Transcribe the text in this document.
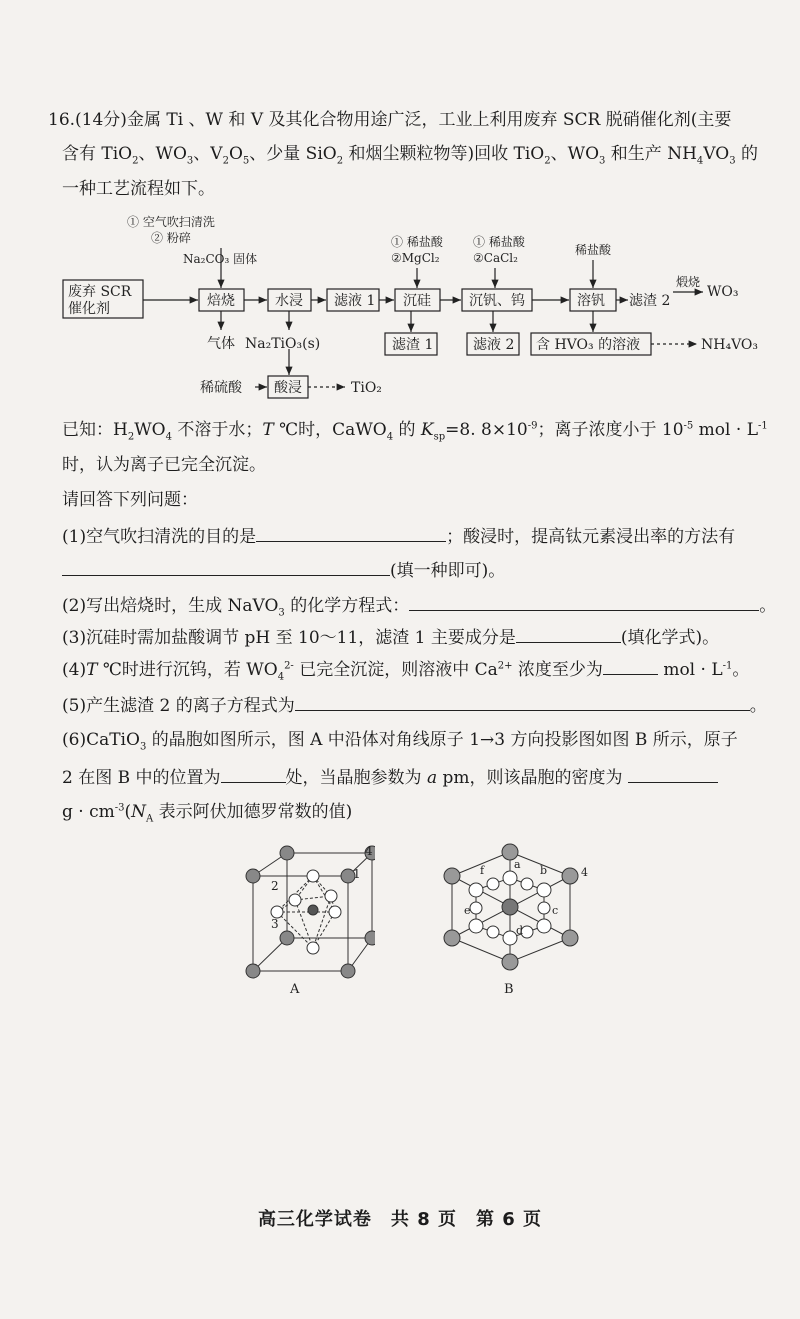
16.(14分)金属 Ti 、W 和 V 及其化合物用途广泛，工业上利用废弃 SCR 脱硝催化剂(主要
含有 TiO$_2$、$WO_3$、$V_2O_5$、少量 SiO$_2$ 和烟尘颗粒物等)回收 TiO$_2$、$WO_3$ 和生产 $NH_4VO_3$ 的
一种工艺流程如下。
① 空气吹扫清洗
② 粉碎
Na₂CO₃ 固体
① 稀盐酸
②MgCl₂
① 稀盐酸
②CaCl₂
稀盐酸
废弃 SCR
催化剂	焙烧	水浸 滤液 1 沉硅	沉钒、钨	溶钒 滤渣 2
煅烧
WO₃
气体 Na₂TiO₃(s)	滤渣 1	滤液 2 含 HVO₃ 的溶液	NH₄VO₃
稀硫酸 酸浸	TiO₂
已知：$H_2WO_4$ 不溶于水；T ℃时，CaWO$_4$ 的 $K_{sp}=8$. $8\times 10^{-9}$；离子浓度小于 $10^{-5}$ mol · $L^{-1}$
时，认为离子已完全沉淀。
请回答下列问题：
(1)空气吹扫清洗的目的是	；酸浸时，提高钛元素浸出率的方法有
(填一种即可)。
(2)写出焙烧时，生成 NaVO$_3$ 的化学方程式：	。
(3)沉硅时需加盐酸调节 pH 至 10～11，滤渣 1 主要成分是	(填化学式)。
(4)T ℃时进行沉钨，若 $WO_4^{2-}$ 已完全沉淀，则溶液中 $Ca^{2+}$ 浓度至少为	mol · $L^{-1}$。
(5)产生滤渣 2 的离子方程式为	。
(6)CaTiO$_3$ 的晶胞如图所示，图 A 中沿体对角线原子 1→3 方向投影图如图 B 所示，原子
2 在图 B 中的位置为	处，当晶胞参数为 a pm，则该晶胞的密度为
$g \cdot cm^{-3}(N_A$ 表示阿伏加德罗常数的值)
1
2
3
4
A
a b
c
d
e
f	4
B
高三化学试卷　共 8 页　第 6 页
